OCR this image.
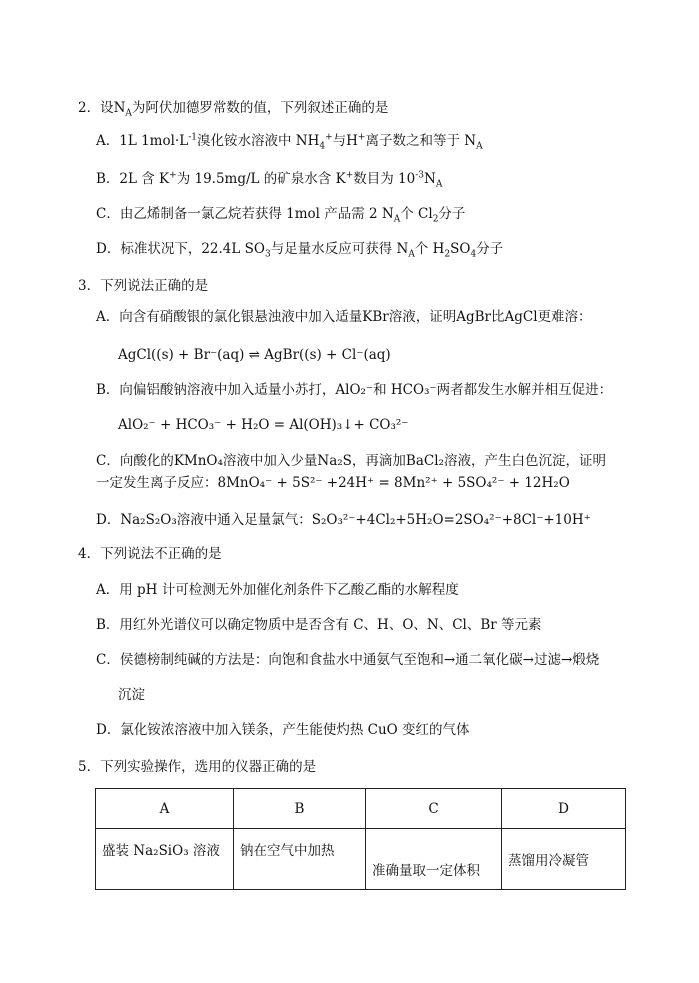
2．设$N_A$为阿伏加德罗常数的值，下列叙述正确的是
A．1L $1mol\cdot L^{-1}$溴化铵水溶液中 $NH_4^+$与H+离子数之和等于 $N_A$
B．2L 含 K+为 19.5mg/L 的矿泉水含 K+数目为 $10^{-3}N_A$
C．由乙烯制备一氯乙烷若获得 1mol 产品需 2 $N_A$个 $Cl_2$分子
D．标准状况下，22.4L $SO_3$与足量水反应可获得 $N_A$个 $H_2SO_4$分子
3．下列说法正确的是
A．向含有硝酸银的氯化银悬浊液中加入适量KBr溶液，证明AgBr比AgCl更难溶：
AgCl((s) + Br⁻(aq) ⇌ AgBr((s) + Cl⁻(aq)
B．向偏铝酸钠溶液中加入适量小苏打，AlO₂⁻和 HCO₃⁻两者都发生水解并相互促进：
AlO₂⁻ + HCO₃⁻ + H₂O = Al(OH)₃↓+ CO₃²⁻
C．向酸化的KMnO₄溶液中加入少量Na₂S，再滴加BaCl₂溶液，产生白色沉淀，证明
一定发生离子反应：8MnO₄⁻ + 5S²⁻ +24H⁺ = 8Mn²⁺ + 5SO₄²⁻ + 12H₂O
D．Na₂S₂O₃溶液中通入足量氯气：S₂O₃²⁻+4Cl₂+5H₂O=2SO₄²⁻+8Cl⁻+10H⁺
4．下列说法不正确的是
A．用 pH 计可检测无外加催化剂条件下乙酸乙酯的水解程度
B．用红外光谱仪可以确定物质中是否含有 C、H、O、N、Cl、Br 等元素
C．侯德榜制纯碱的方法是：向饱和食盐水中通氨气至饱和→通二氧化碳→过滤→煅烧
沉淀
D．氯化铵浓溶液中加入镁条，产生能使灼热 CuO 变红的气体
5．下列实验操作，选用的仪器正确的是
A	B	C	D
盛装 Na₂SiO₃ 溶液	钠在空气中加热	准确量取一定体积	蒸馏用冷凝管
